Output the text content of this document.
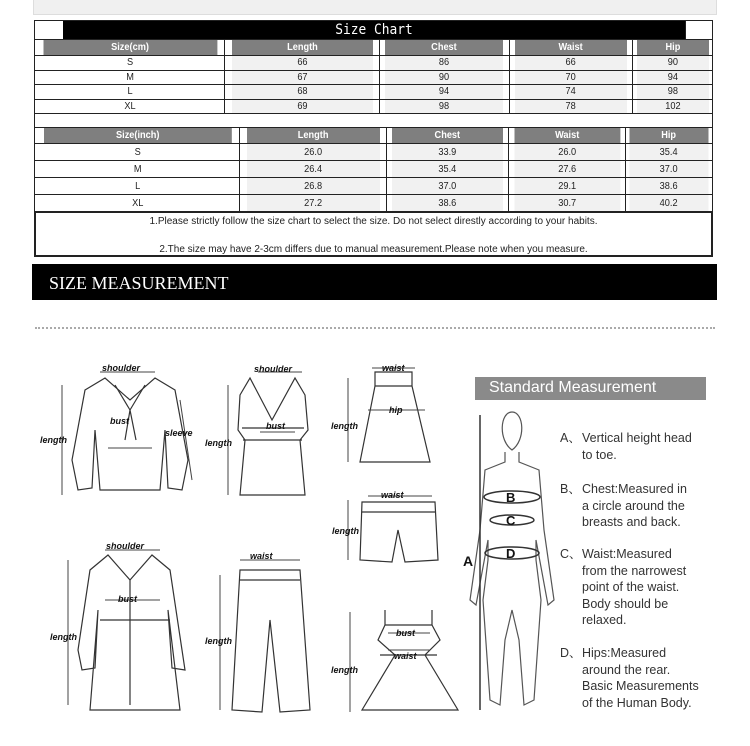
Size Chart				
Size(cm)	Length	Chest	Waist	Hip
S	66	86	66	90
M	67	90	70	94
L	68	94	74	98
XL	69	98	78	102

Size(inch)	Length	Chest	Waist	Hip
S	26.0	33.9	26.0	35.4
M	26.4	35.4	27.6	37.0
L	26.8	37.0	29.1	38.6
XL	27.2	38.6	30.7	40.2
1.Please strictly follow the size chart to select the size. Do not select direstly according to your habits.
2.The size may have 2-3cm differs due to manual measurement.Please note when you measure.
SIZE MEASUREMENT
shoulder
bust
sleeve
length
shoulder
bust
length
waist
hip
length
waist
length
shoulder
bust
length
waist
length
bust
waist
length
Standard Measurement
A
B
C
D
A、Vertical height head
to toe.
B、Chest:Measured in
a circle around the
breasts and back.
C、Waist:Measured
from the narrowest
point of the waist.
Body should be
relaxed.
D、Hips:Measured
around the rear.
Basic Measurements
of the Human Body.
